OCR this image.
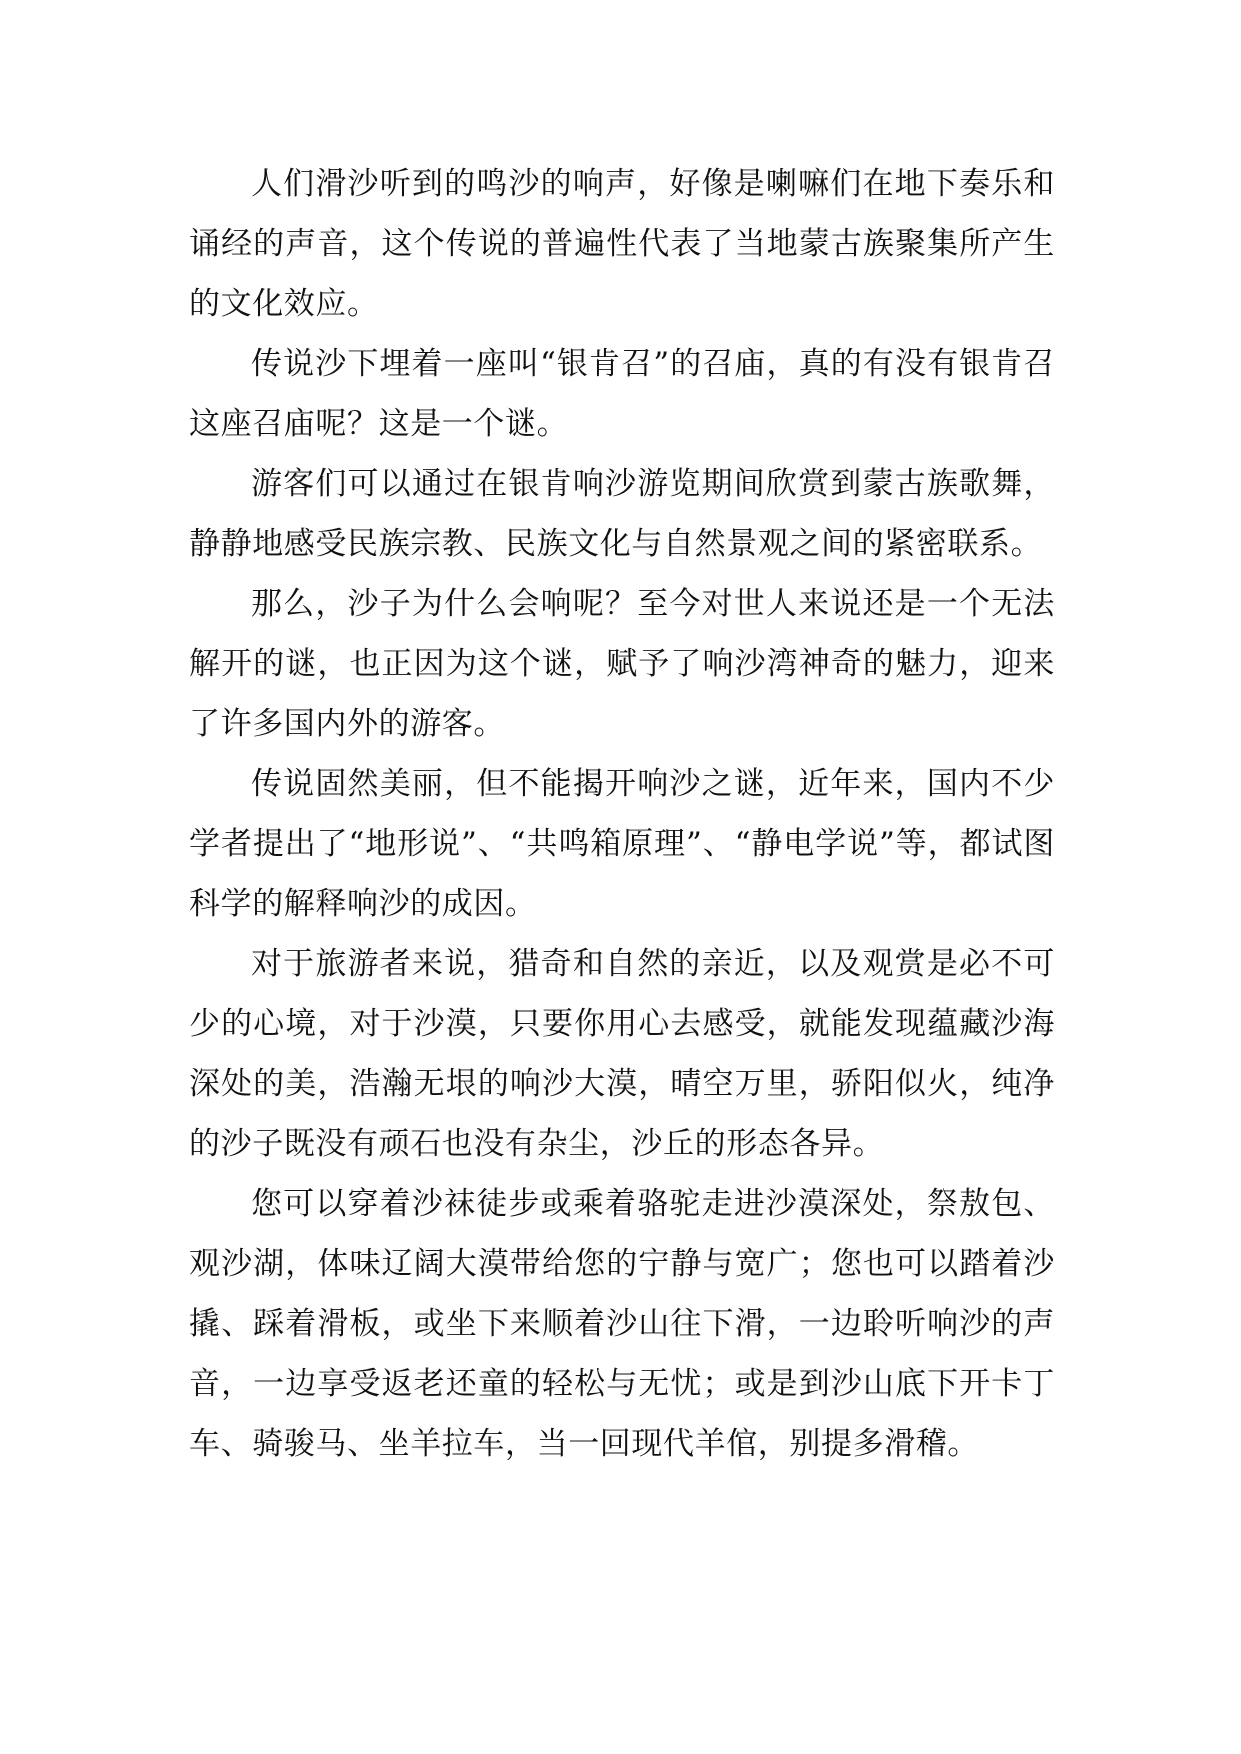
人们滑沙听到的鸣沙的响声，好像是喇嘛们在地下奏乐和诵经的声音，这个传说的普遍性代表了当地蒙古族聚集所产生的文化效应。

传说沙下埋着一座叫“银肯召”的召庙，真的有没有银肯召这座召庙呢？这是一个谜。

游客们可以通过在银肯响沙游览期间欣赏到蒙古族歌舞，静静地感受民族宗教、民族文化与自然景观之间的紧密联系。

那么，沙子为什么会响呢？至今对世人来说还是一个无法解开的谜，也正因为这个谜，赋予了响沙湾神奇的魅力，迎来了许多国内外的游客。

传说固然美丽，但不能揭开响沙之谜，近年来，国内不少学者提出了“地形说”、“共鸣箱原理”、“静电学说”等，都试图科学的解释响沙的成因。

对于旅游者来说，猎奇和自然的亲近，以及观赏是必不可少的心境，对于沙漠，只要你用心去感受，就能发现蕴藏沙海深处的美，浩瀚无垠的响沙大漠，晴空万里，骄阳似火，纯净的沙子既没有顽石也没有杂尘，沙丘的形态各异。

您可以穿着沙袜徒步或乘着骆驼走进沙漠深处，祭敖包、观沙湖，体味辽阔大漠带给您的宁静与宽广；您也可以踏着沙撬、踩着滑板，或坐下来顺着沙山往下滑，一边聆听响沙的声音，一边享受返老还童的轻松与无忧；或是到沙山底下开卡丁车、骑骏马、坐羊拉车，当一回现代羊倌，别提多滑稽。
